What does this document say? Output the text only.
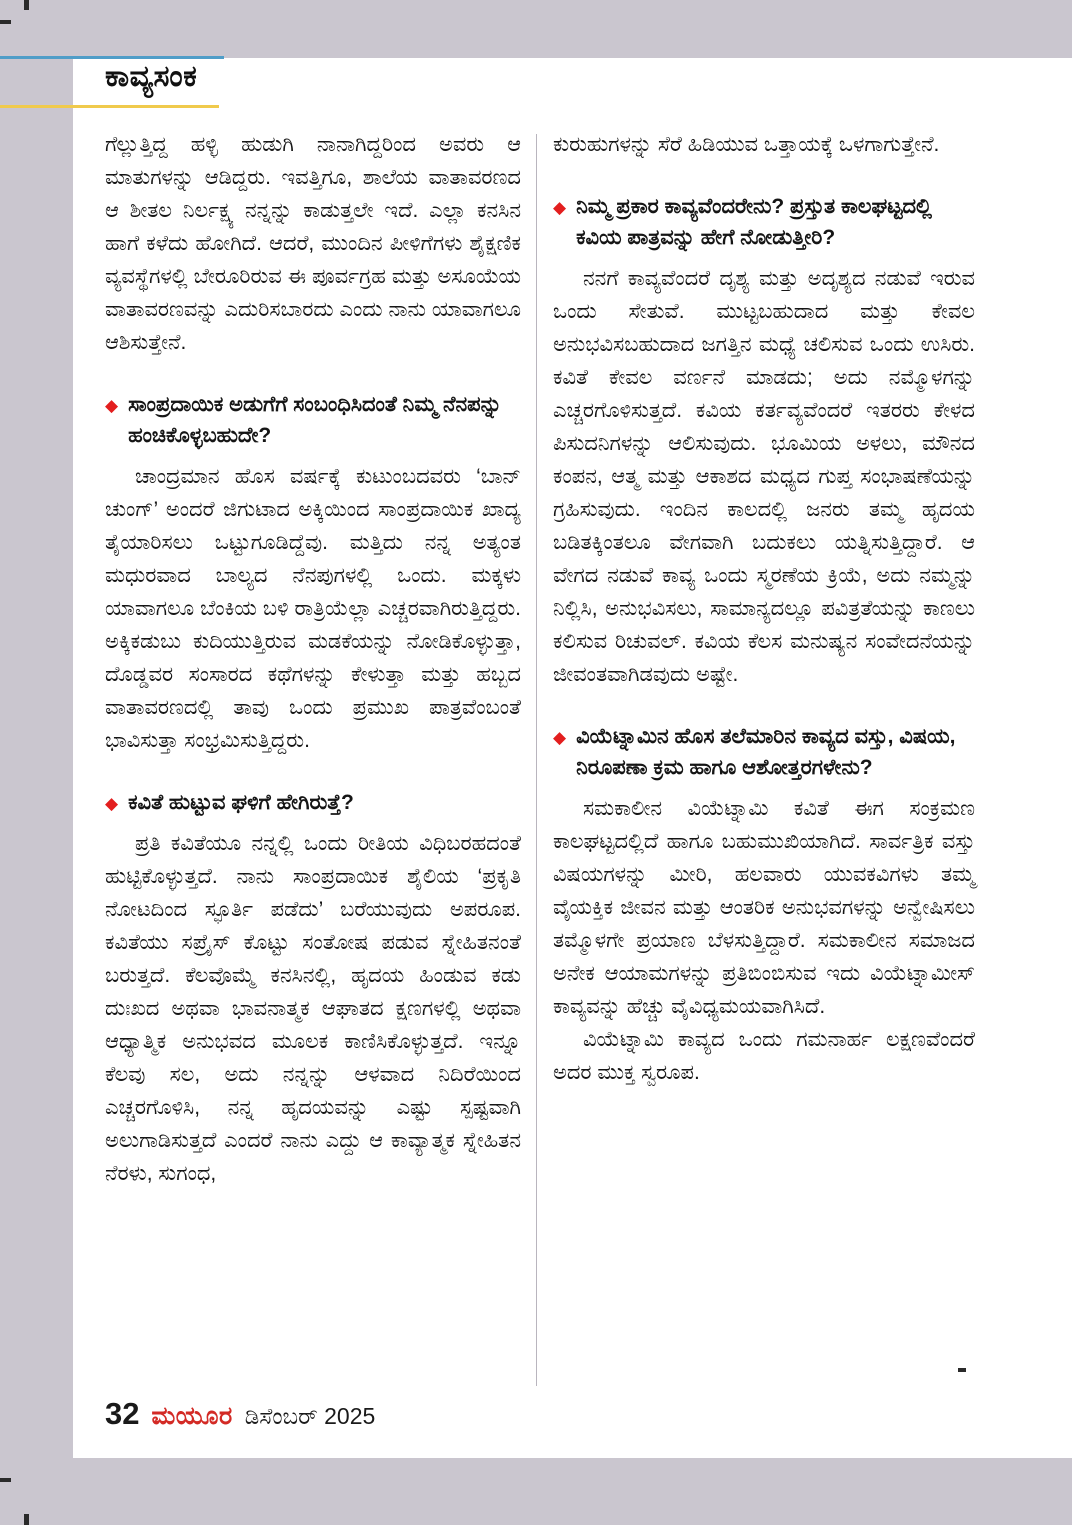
ಕಾವ್ಯಸಂಕ

ಗೆಲ್ಲುತ್ತಿದ್ದ ಹಳ್ಳಿ ಹುಡುಗಿ ನಾನಾಗಿದ್ದರಿಂದ ಅವರು ಆ ಮಾತುಗಳನ್ನು ಆಡಿದ್ದರು. ಇವತ್ತಿಗೂ, ಶಾಲೆಯ ವಾತಾವರಣದ ಆ ಶೀತಲ ನಿರ್ಲಕ್ಷ್ಯ ನನ್ನನ್ನು ಕಾಡುತ್ತಲೇ ಇದೆ. ಎಲ್ಲಾ ಕನಸಿನ ಹಾಗೆ ಕಳೆದು ಹೋಗಿದೆ. ಆದರೆ, ಮುಂದಿನ ಪೀಳಿಗೆಗಳು ಶೈಕ್ಷಣಿಕ ವ್ಯವಸ್ಥೆಗಳಲ್ಲಿ ಬೇರೂರಿರುವ ಈ ಪೂರ್ವಗ್ರಹ ಮತ್ತು ಅಸೂಯೆಯ ವಾತಾವರಣವನ್ನು ಎದುರಿಸಬಾರದು ಎಂದು ನಾನು ಯಾವಾಗಲೂ ಆಶಿಸುತ್ತೇನೆ.

◆ ಸಾಂಪ್ರದಾಯಿಕ ಅಡುಗೆಗೆ ಸಂಬಂಧಿಸಿದಂತೆ ನಿಮ್ಮ ನೆನಪನ್ನು ಹಂಚಿಕೊಳ್ಳಬಹುದೇ?

ಚಾಂದ್ರಮಾನ ಹೊಸ ವರ್ಷಕ್ಕೆ ಕುಟುಂಬದವರು ‘ಬಾನ್ ಚುಂಗ್’ ಅಂದರೆ ಜಿಗುಟಾದ ಅಕ್ಕಿಯಿಂದ ಸಾಂಪ್ರದಾಯಿಕ ಖಾದ್ಯ ತೈಯಾರಿಸಲು ಒಟ್ಟುಗೂಡಿದ್ದೆವು. ಮತ್ತಿದು ನನ್ನ ಅತ್ಯಂತ ಮಧುರವಾದ ಬಾಲ್ಯದ ನೆನಪುಗಳಲ್ಲಿ ಒಂದು. ಮಕ್ಕಳು ಯಾವಾಗಲೂ ಬೆಂಕಿಯ ಬಳಿ ರಾತ್ರಿಯೆಲ್ಲಾ ಎಚ್ಚರವಾಗಿರುತ್ತಿದ್ದರು. ಅಕ್ಕಿಕಡುಬು ಕುದಿಯುತ್ತಿರುವ ಮಡಕೆಯನ್ನು ನೋಡಿಕೊಳ್ಳುತ್ತಾ, ದೊಡ್ಡವರ ಸಂಸಾರದ ಕಥೆಗಳನ್ನು ಕೇಳುತ್ತಾ ಮತ್ತು ಹಬ್ಬದ ವಾತಾವರಣದಲ್ಲಿ ತಾವು ಒಂದು ಪ್ರಮುಖ ಪಾತ್ರವೆಂಬಂತೆ ಭಾವಿಸುತ್ತಾ ಸಂಭ್ರಮಿಸುತ್ತಿದ್ದರು.

◆ ಕವಿತೆ ಹುಟ್ಟುವ ಘಳಿಗೆ ಹೇಗಿರುತ್ತೆ?

ಪ್ರತಿ ಕವಿತೆಯೂ ನನ್ನಲ್ಲಿ ಒಂದು ರೀತಿಯ ವಿಧಿಬರಹದಂತೆ ಹುಟ್ಟಿಕೊಳ್ಳುತ್ತದೆ. ನಾನು ಸಾಂಪ್ರದಾಯಿಕ ಶೈಲಿಯ ‘ಪ್ರಕೃತಿ ನೋಟದಿಂದ ಸ್ಫೂರ್ತಿ ಪಡೆದು’ ಬರೆಯುವುದು ಅಪರೂಪ. ಕವಿತೆಯು ಸಪ್ರೈಸ್ ಕೊಟ್ಟು ಸಂತೋಷ ಪಡುವ ಸ್ನೇಹಿತನಂತೆ ಬರುತ್ತದೆ. ಕೆಲವೊಮ್ಮೆ ಕನಸಿನಲ್ಲಿ, ಹೃದಯ ಹಿಂಡುವ ಕಡು ದುಃಖದ ಅಥವಾ ಭಾವನಾತ್ಮಕ ಆಘಾತದ ಕ್ಷಣಗಳಲ್ಲಿ ಅಥವಾ ಆಧ್ಯಾತ್ಮಿಕ ಅನುಭವದ ಮೂಲಕ ಕಾಣಿಸಿಕೊಳ್ಳುತ್ತದೆ. ಇನ್ನೂ ಕೆಲವು ಸಲ, ಅದು ನನ್ನನ್ನು ಆಳವಾದ ನಿದಿರೆಯಿಂದ ಎಚ್ಚರಗೊಳಿಸಿ, ನನ್ನ ಹೃದಯವನ್ನು ಎಷ್ಟು ಸ್ಪಷ್ಟವಾಗಿ ಅಲುಗಾಡಿಸುತ್ತದೆ ಎಂದರೆ ನಾನು ಎದ್ದು ಆ ಕಾವ್ಯಾತ್ಮಕ ಸ್ನೇಹಿತನ ನೆರಳು, ಸುಗಂಧ,

ಕುರುಹುಗಳನ್ನು ಸೆರೆ ಹಿಡಿಯುವ ಒತ್ತಾಯಕ್ಕೆ ಒಳಗಾಗುತ್ತೇನೆ.

◆ ನಿಮ್ಮ ಪ್ರಕಾರ ಕಾವ್ಯವೆಂದರೇನು? ಪ್ರಸ್ತುತ ಕಾಲಘಟ್ಟದಲ್ಲಿ ಕವಿಯ ಪಾತ್ರವನ್ನು ಹೇಗೆ ನೋಡುತ್ತೀರಿ?

ನನಗೆ ಕಾವ್ಯವೆಂದರೆ ದೃಶ್ಯ ಮತ್ತು ಅದೃಶ್ಯದ ನಡುವೆ ಇರುವ ಒಂದು ಸೇತುವೆ. ಮುಟ್ಟಬಹುದಾದ ಮತ್ತು ಕೇವಲ ಅನುಭವಿಸಬಹುದಾದ ಜಗತ್ತಿನ ಮಧ್ಯೆ ಚಲಿಸುವ ಒಂದು ಉಸಿರು. ಕವಿತೆ ಕೇವಲ ವರ್ಣನೆ ಮಾಡದು; ಅದು ನಮ್ಮೊಳಗನ್ನು ಎಚ್ಚರಗೊಳಿಸುತ್ತದೆ. ಕವಿಯ ಕರ್ತವ್ಯವೆಂದರೆ ಇತರರು ಕೇಳದ ಪಿಸುದನಿಗಳನ್ನು ಆಲಿಸುವುದು. ಭೂಮಿಯ ಅಳಲು, ಮೌನದ ಕಂಪನ, ಆತ್ಮ ಮತ್ತು ಆಕಾಶದ ಮಧ್ಯದ ಗುಪ್ತ ಸಂಭಾಷಣೆಯನ್ನು ಗ್ರಹಿಸುವುದು. ಇಂದಿನ ಕಾಲದಲ್ಲಿ ಜನರು ತಮ್ಮ ಹೃದಯ ಬಡಿತಕ್ಕಿಂತಲೂ ವೇಗವಾಗಿ ಬದುಕಲು ಯತ್ನಿಸುತ್ತಿದ್ದಾರೆ. ಆ ವೇಗದ ನಡುವೆ ಕಾವ್ಯ ಒಂದು ಸ್ಮರಣೆಯ ಕ್ರಿಯೆ, ಅದು ನಮ್ಮನ್ನು ನಿಲ್ಲಿಸಿ, ಅನುಭವಿಸಲು, ಸಾಮಾನ್ಯದಲ್ಲೂ ಪವಿತ್ರತೆಯನ್ನು ಕಾಣಲು ಕಲಿಸುವ ರಿಚುವಲ್. ಕವಿಯ ಕೆಲಸ ಮನುಷ್ಯನ ಸಂವೇದನೆಯನ್ನು ಜೀವಂತವಾಗಿಡವುದು ಅಷ್ಟೇ.

◆ ವಿಯೆಟ್ನಾಮಿನ ಹೊಸ ತಲೆಮಾರಿನ ಕಾವ್ಯದ ವಸ್ತು, ವಿಷಯ, ನಿರೂಪಣಾ ಕ್ರಮ ಹಾಗೂ ಆಶೋತ್ತರಗಳೇನು?

ಸಮಕಾಲೀನ ವಿಯೆಟ್ನಾಮಿ ಕವಿತೆ ಈಗ ಸಂಕ್ರಮಣ ಕಾಲಘಟ್ಟದಲ್ಲಿದೆ ಹಾಗೂ ಬಹುಮುಖಿಯಾಗಿದೆ. ಸಾರ್ವತ್ರಿಕ ವಸ್ತು ವಿಷಯಗಳನ್ನು ಮೀರಿ, ಹಲವಾರು ಯುವಕವಿಗಳು ತಮ್ಮ ವೈಯಕ್ತಿಕ ಜೀವನ ಮತ್ತು ಆಂತರಿಕ ಅನುಭವಗಳನ್ನು ಅನ್ವೇಷಿಸಲು ತಮ್ಮೊಳಗೇ ಪ್ರಯಾಣ ಬೆಳಸುತ್ತಿದ್ದಾರೆ. ಸಮಕಾಲೀನ ಸಮಾಜದ ಅನೇಕ ಆಯಾಮಗಳನ್ನು ಪ್ರತಿಬಿಂಬಿಸುವ ಇದು ವಿಯೆಟ್ನಾಮೀಸ್ ಕಾವ್ಯವನ್ನು ಹೆಚ್ಚು ವೈವಿಧ್ಯಮಯವಾಗಿಸಿದೆ.

ವಿಯೆಟ್ನಾಮಿ ಕಾವ್ಯದ ಒಂದು ಗಮನಾರ್ಹ ಲಕ್ಷಣವೆಂದರೆ ಅದರ ಮುಕ್ತ ಸ್ವರೂಪ.

32 ಮಯೂರ ಡಿಸೆಂಬರ್ 2025
